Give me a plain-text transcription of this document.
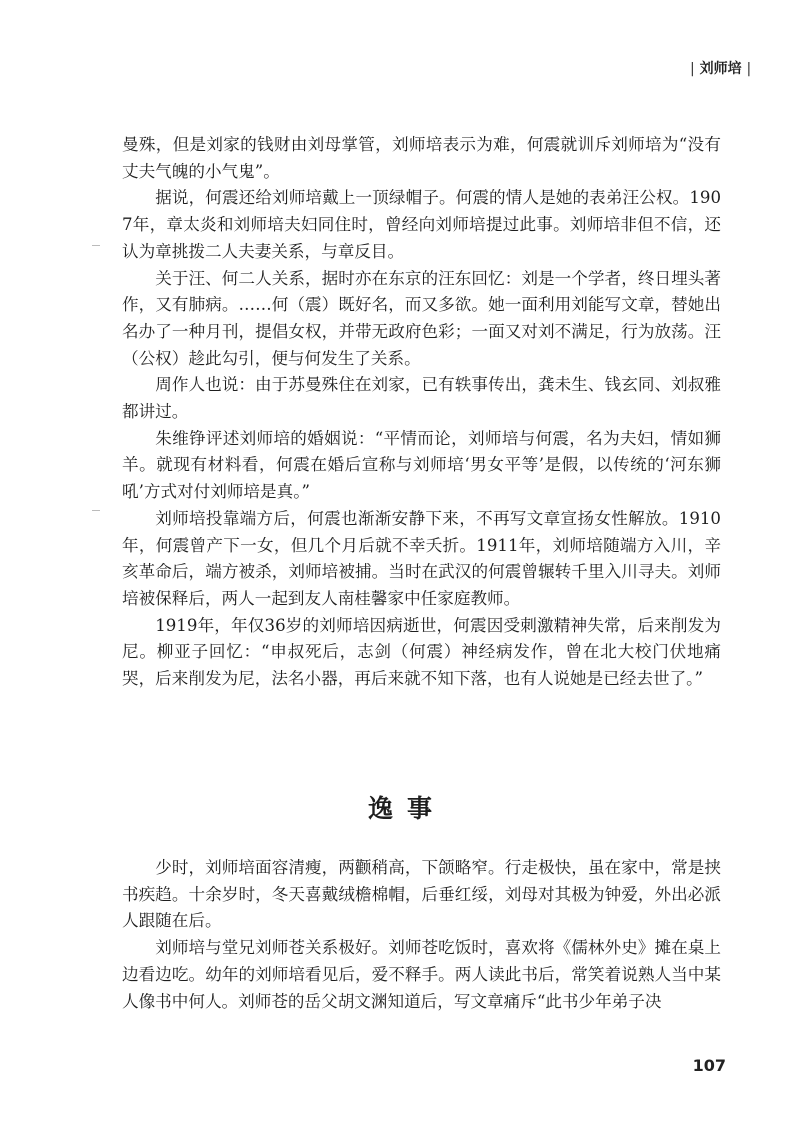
| 刘师培 |

曼殊，但是刘家的钱财由刘母掌管，刘师培表示为难，何震就训斥刘师培为“没有丈夫气魄的小气鬼”。

据说，何震还给刘师培戴上一顶绿帽子。何震的情人是她的表弟汪公权。1907年，章太炎和刘师培夫妇同住时，曾经向刘师培提过此事。刘师培非但不信，还认为章挑拨二人夫妻关系，与章反目。

关于汪、何二人关系，据时亦在东京的汪东回忆：刘是一个学者，终日埋头著作，又有肺病。……何（震）既好名，而又多欲。她一面利用刘能写文章，替她出名办了一种月刊，提倡女权，并带无政府色彩；一面又对刘不满足，行为放荡。汪（公权）趁此勾引，便与何发生了关系。

周作人也说：由于苏曼殊住在刘家，已有轶事传出，龚未生、钱玄同、刘叔雅都讲过。

朱维铮评述刘师培的婚姻说：“平情而论，刘师培与何震，名为夫妇，情如狮羊。就现有材料看，何震在婚后宣称与刘师培‘男女平等’是假，以传统的‘河东狮吼’方式对付刘师培是真。”

刘师培投靠端方后，何震也渐渐安静下来，不再写文章宣扬女性解放。1910年，何震曾产下一女，但几个月后就不幸夭折。1911年，刘师培随端方入川，辛亥革命后，端方被杀，刘师培被捕。当时在武汉的何震曾辗转千里入川寻夫。刘师培被保释后，两人一起到友人南桂馨家中任家庭教师。

1919年，年仅36岁的刘师培因病逝世，何震因受刺激精神失常，后来削发为尼。柳亚子回忆：“申叔死后，志剑（何震）神经病发作，曾在北大校门伏地痛哭，后来削发为尼，法名小器，再后来就不知下落，也有人说她是已经去世了。”

逸事

少时，刘师培面容清瘦，两颧稍高，下颌略窄。行走极快，虽在家中，常是挟书疾趋。十余岁时，冬天喜戴绒檐棉帽，后垂红绥，刘母对其极为钟爱，外出必派人跟随在后。

刘师培与堂兄刘师苍关系极好。刘师苍吃饭时，喜欢将《儒林外史》摊在桌上边看边吃。幼年的刘师培看见后，爱不释手。两人读此书后，常笑着说熟人当中某人像书中何人。刘师苍的岳父胡文渊知道后，写文章痛斥“此书少年弟子决

107
